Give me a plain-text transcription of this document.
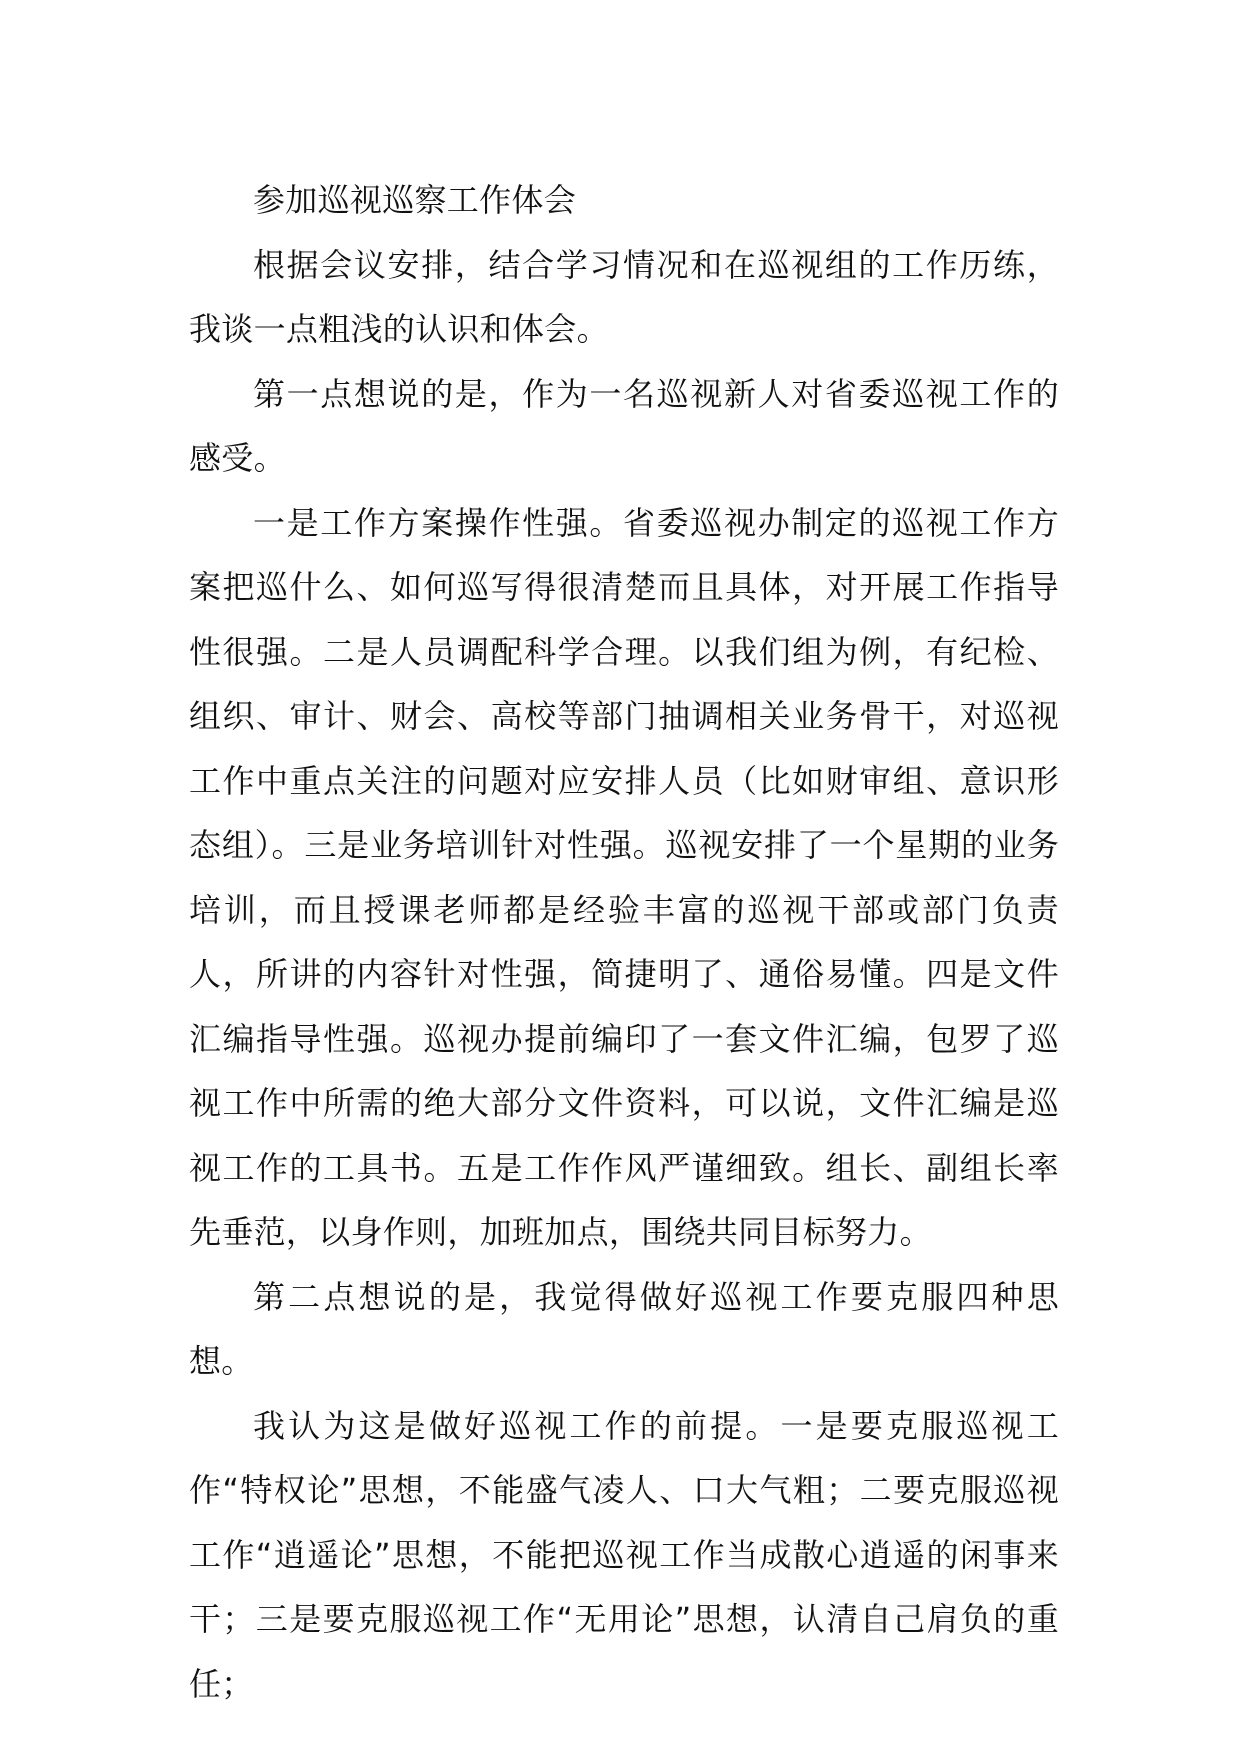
参加巡视巡察工作体会

根据会议安排，结合学习情况和在巡视组的工作历练，我谈一点粗浅的认识和体会。

第一点想说的是，作为一名巡视新人对省委巡视工作的感受。

一是工作方案操作性强。省委巡视办制定的巡视工作方案把巡什么、如何巡写得很清楚而且具体，对开展工作指导性很强。二是人员调配科学合理。以我们组为例，有纪检、组织、审计、财会、高校等部门抽调相关业务骨干，对巡视工作中重点关注的问题对应安排人员（比如财审组、意识形态组）。三是业务培训针对性强。巡视安排了一个星期的业务培训，而且授课老师都是经验丰富的巡视干部或部门负责人，所讲的内容针对性强，简捷明了、通俗易懂。四是文件汇编指导性强。巡视办提前编印了一套文件汇编，包罗了巡视工作中所需的绝大部分文件资料，可以说，文件汇编是巡视工作的工具书。五是工作作风严谨细致。组长、副组长率先垂范，以身作则，加班加点，围绕共同目标努力。

第二点想说的是，我觉得做好巡视工作要克服四种思想。

我认为这是做好巡视工作的前提。一是要克服巡视工作“特权论”思想，不能盛气凌人、口大气粗；二要克服巡视工作“逍遥论”思想，不能把巡视工作当成散心逍遥的闲事来干；三是要克服巡视工作“无用论”思想，认清自己肩负的重任；
